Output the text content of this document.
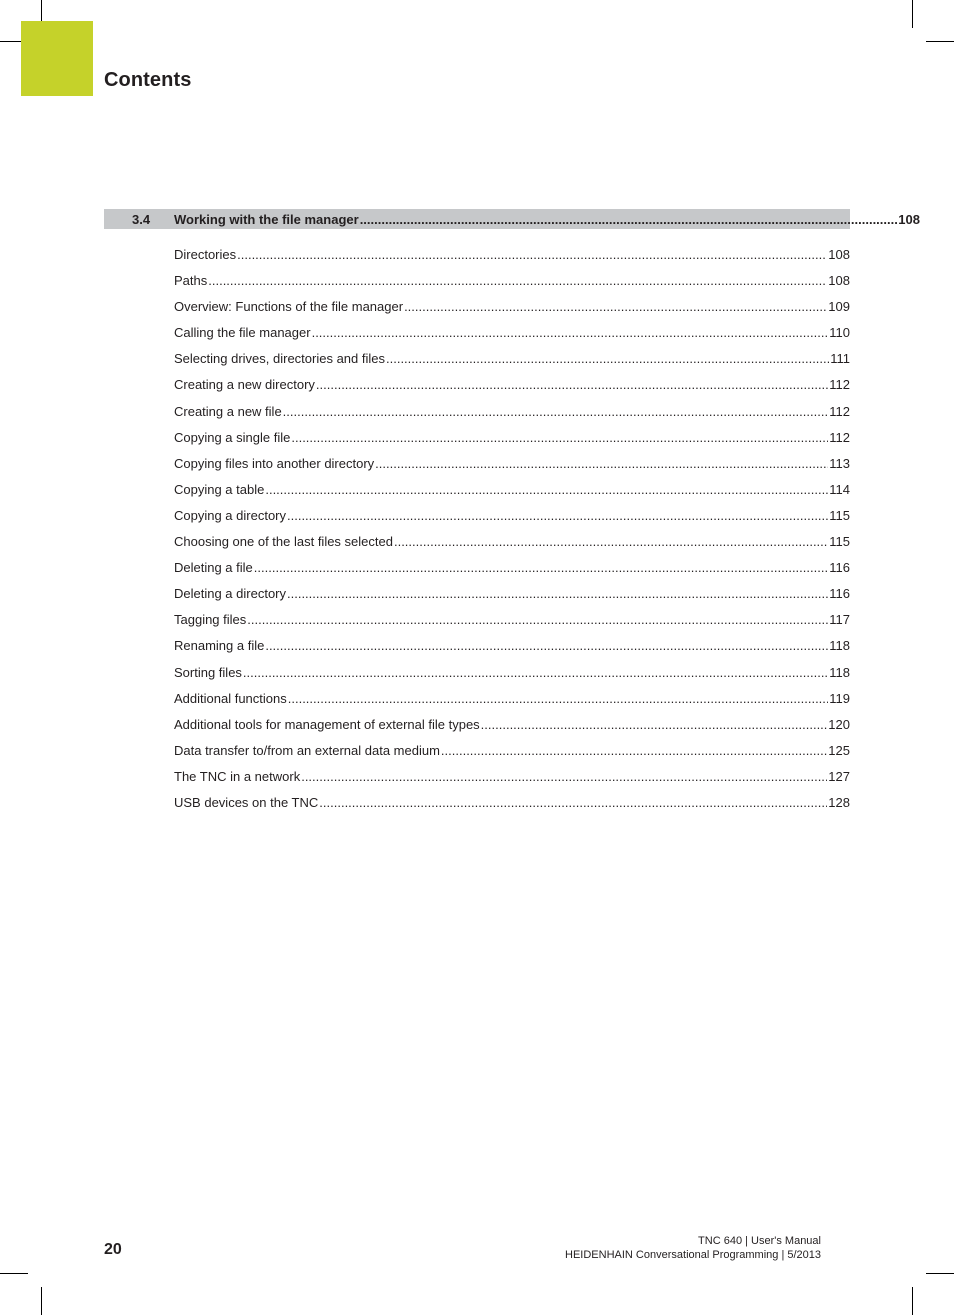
Contents
3.4	Working with the file manager .....	108
Directories .....	108
Paths .....	108
Overview: Functions of the file manager .....	109
Calling the file manager .....	110
Selecting drives, directories and files .....	111
Creating a new directory .....	112
Creating a new file .....	112
Copying a single file .....	112
Copying files into another directory .....	113
Copying a table .....	114
Copying a directory .....	115
Choosing one of the last files selected .....	115
Deleting a file .....	116
Deleting a directory .....	116
Tagging files .....	117
Renaming a file .....	118
Sorting files .....	118
Additional functions .....	119
Additional tools for management of external file types .....	120
Data transfer to/from an external data medium .....	125
The TNC in a network .....	127
USB devices on the TNC .....	128
20	TNC 640 | User's Manual
HEIDENHAIN Conversational Programming | 5/2013
